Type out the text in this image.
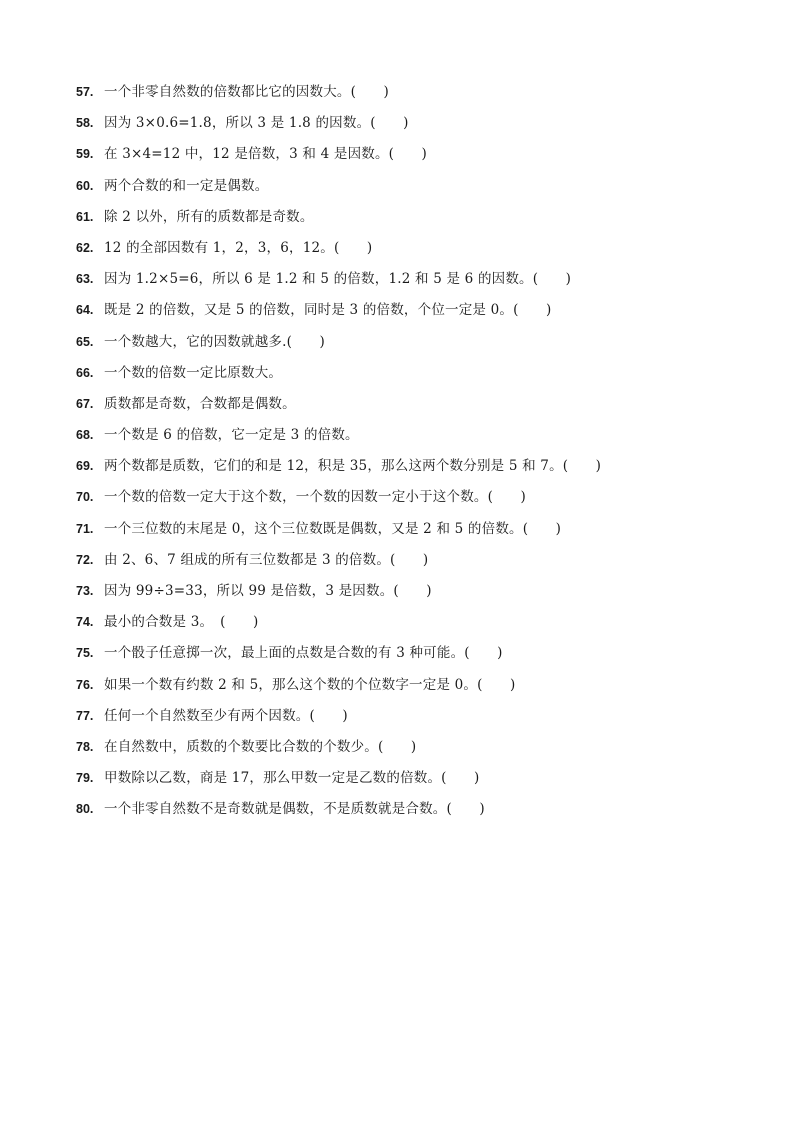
57. 一个非零自然数的倍数都比它的因数大。(　　)
58. 因为 3×0.6=1.8，所以 3 是 1.8 的因数。(　　)
59. 在 3×4=12 中，12 是倍数，3 和 4 是因数。(　　)
60. 两个合数的和一定是偶数。
61. 除 2 以外，所有的质数都是奇数。
62. 12 的全部因数有 1，2，3，6，12。(　　)
63. 因为 1.2×5=6，所以 6 是 1.2 和 5 的倍数，1.2 和 5 是 6 的因数。(　　)
64. 既是 2 的倍数，又是 5 的倍数，同时是 3 的倍数，个位一定是 0。(　　)
65. 一个数越大，它的因数就越多.(　　)
66. 一个数的倍数一定比原数大。
67. 质数都是奇数，合数都是偶数。
68. 一个数是 6 的倍数，它一定是 3 的倍数。
69. 两个数都是质数，它们的和是 12，积是 35，那么这两个数分别是 5 和 7。(　　)
70. 一个数的倍数一定大于这个数，一个数的因数一定小于这个数。(　　)
71. 一个三位数的末尾是 0，这个三位数既是偶数，又是 2 和 5 的倍数。(　　)
72. 由 2、6、7 组成的所有三位数都是 3 的倍数。(　　)
73. 因为 99÷3=33，所以 99 是倍数，3 是因数。(　　)
74. 最小的合数是 3。　(　　)
75. 一个骰子任意掷一次，最上面的点数是合数的有 3 种可能。(　　)
76. 如果一个数有约数 2 和 5，那么这个数的个位数字一定是 0。(　　)
77. 任何一个自然数至少有两个因数。(　　)
78. 在自然数中，质数的个数要比合数的个数少。(　　)
79. 甲数除以乙数，商是 17，那么甲数一定是乙数的倍数。(　　)
80. 一个非零自然数不是奇数就是偶数，不是质数就是合数。(　　)
